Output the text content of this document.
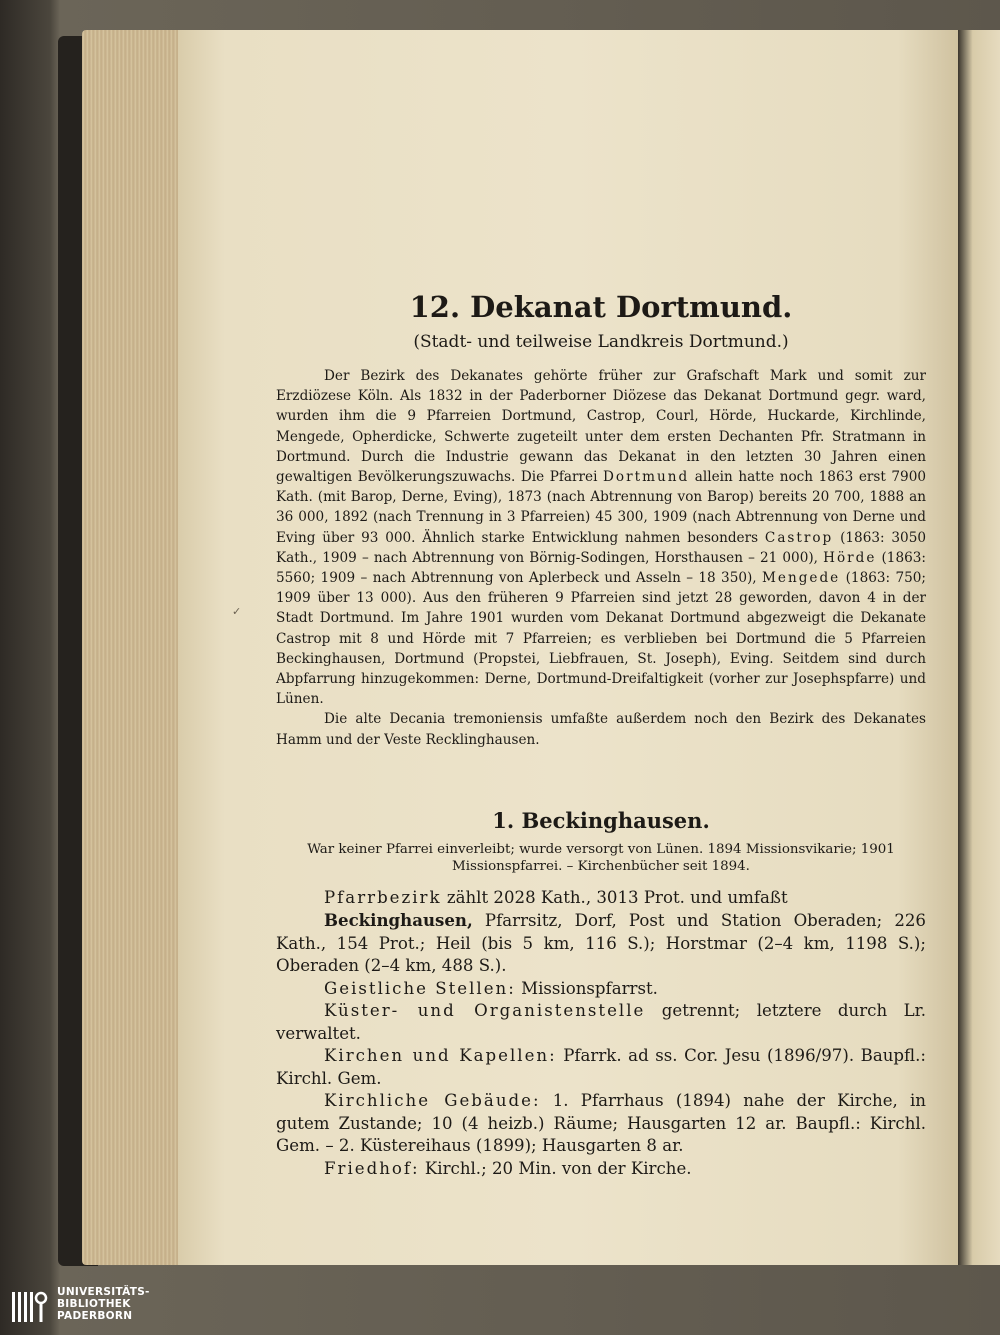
✓
12. Dekanat Dortmund.
(Stadt- und teilweise Landkreis Dortmund.)

Der Bezirk des Dekanates gehörte früher zur Grafschaft Mark und somit zur Erzdiözese Köln. Als 1832 in der Paderborner Diözese das Dekanat Dortmund gegr. ward, wurden ihm die 9 Pfarreien Dortmund, Castrop, Courl, Hörde, Huckarde, Kirchlinde, Mengede, Opherdicke, Schwerte zugeteilt unter dem ersten Dechanten Pfr. Stratmann in Dortmund. Durch die Industrie gewann das Dekanat in den letzten 30 Jahren einen gewaltigen Bevölkerungszuwachs. Die Pfarrei Dortmund allein hatte noch 1863 erst 7900 Kath. (mit Barop, Derne, Eving), 1873 (nach Abtrennung von Barop) bereits 20 700, 1888 an 36 000, 1892 (nach Trennung in 3 Pfarreien) 45 300, 1909 (nach Abtrennung von Derne und Eving über 93 000. Ähnlich starke Entwicklung nahmen besonders Castrop (1863: 3050 Kath., 1909 – nach Abtrennung von Börnig-Sodingen, Horsthausen – 21 000), Hörde (1863: 5560; 1909 – nach Abtrennung von Aplerbeck und Asseln – 18 350), Mengede (1863: 750; 1909 über 13 000). Aus den früheren 9 Pfarreien sind jetzt 28 geworden, davon 4 in der Stadt Dortmund. Im Jahre 1901 wurden vom Dekanat Dortmund abgezweigt die Dekanate Castrop mit 8 und Hörde mit 7 Pfarreien; es verblieben bei Dortmund die 5 Pfarreien Beckinghausen, Dortmund (Propstei, Liebfrauen, St. Joseph), Eving. Seitdem sind durch Abpfarrung hinzugekommen: Derne, Dortmund-Dreifaltigkeit (vorher zur Josephspfarre) und Lünen.

Die alte Decania tremoniensis umfaßte außerdem noch den Bezirk des Dekanates Hamm und der Veste Recklinghausen.

1. Beckinghausen.
War keiner Pfarrei einverleibt; wurde versorgt von Lünen. 1894 Missionsvikarie; 1901 Missionspfarrei. – Kirchenbücher seit 1894.

Pfarrbezirk zählt 2028 Kath., 3013 Prot. und umfaßt

Beckinghausen, Pfarrsitz, Dorf, Post und Station Oberaden; 226 Kath., 154 Prot.; Heil (bis 5 km, 116 S.); Horstmar (2–4 km, 1198 S.); Oberaden (2–4 km, 488 S.).

Geistliche Stellen: Missionspfarrst.

Küster- und Organistenstelle getrennt; letztere durch Lr. verwaltet.

Kirchen und Kapellen: Pfarrk. ad ss. Cor. Jesu (1896/97). Baupfl.: Kirchl. Gem.

Kirchliche Gebäude: 1. Pfarrhaus (1894) nahe der Kirche, in gutem Zustande; 10 (4 heizb.) Räume; Hausgarten 12 ar. Baupfl.: Kirchl. Gem. – 2. Küstereihaus (1899); Hausgarten 8 ar.

Friedhof: Kirchl.; 20 Min. von der Kirche.

UNIVERSITÄTS-
BIBLIOTHEK
PADERBORN
